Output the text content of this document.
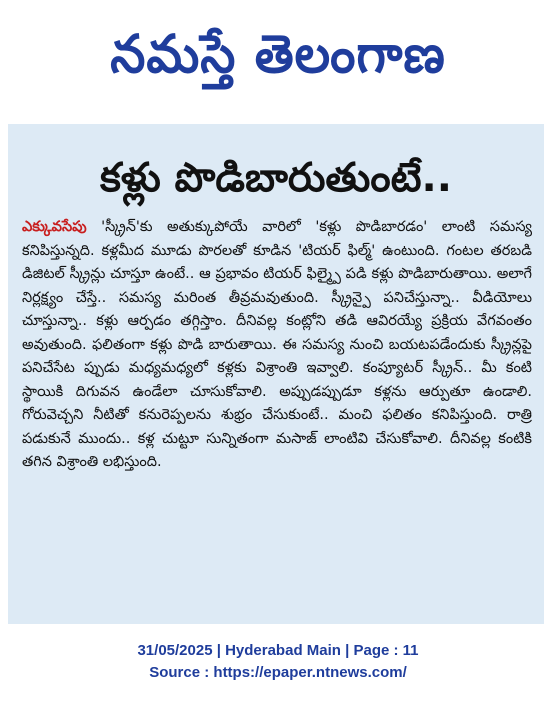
నమస్తే తెలంగాణ
కళ్లు పొడిబారుతుంటే..

ఎక్కువసేపు 'స్క్రీన్'కు అతుక్కుపోయే వారిలో 'కళ్లు పొడిబారడం' లాంటి సమస్య కనిపిస్తున్నది. కళ్లమీద మూడు పొరలతో కూడిన 'టియర్ ఫిల్మ్' ఉంటుంది. గంటల తరబడి డిజిటల్ స్క్రీన్లు చూస్తూ ఉంటే.. ఆ ప్రభావం టియర్ ఫిల్మ్పై పడి కళ్లు పొడిబారుతాయి. అలాగే నిర్లక్ష్యం చేస్తే.. సమస్య మరింత తీవ్రమవుతుంది. స్క్రీన్పై పనిచేస్తున్నా.. వీడియోలు చూస్తున్నా.. కళ్లు ఆర్పడం తగ్గిస్తాం. దీనివల్ల కంట్లోని తడి ఆవిరయ్యే ప్రక్రియ వేగవంతం అవుతుంది. ఫలితంగా కళ్లు పొడి బారుతాయి. ఈ సమస్య నుంచి బయటపడేందుకు స్క్రీన్లపై పనిచేసేట ప్పుడు మధ్యమధ్యలో కళ్లకు విశ్రాంతి ఇవ్వాలి. కంప్యూటర్ స్క్రీన్.. మీ కంటి స్థాయికి దిగువన ఉండేలా చూసుకోవాలి. అప్పుడప్పుడూ కళ్లను ఆర్పుతూ ఉండాలి. గోరువెచ్చని నీటితో కనురెప్పలను శుభ్రం చేసుకుంటే.. మంచి ఫలితం కనిపిస్తుంది. రాత్రి పడుకునే ముందు.. కళ్ల చుట్టూ సున్నితంగా మసాజ్ లాంటివి చేసుకోవాలి. దీనివల్ల కంటికి తగిన విశ్రాంతి లభిస్తుంది.

31/05/2025 | Hyderabad Main | Page : 11
Source : https://epaper.ntnews.com/
